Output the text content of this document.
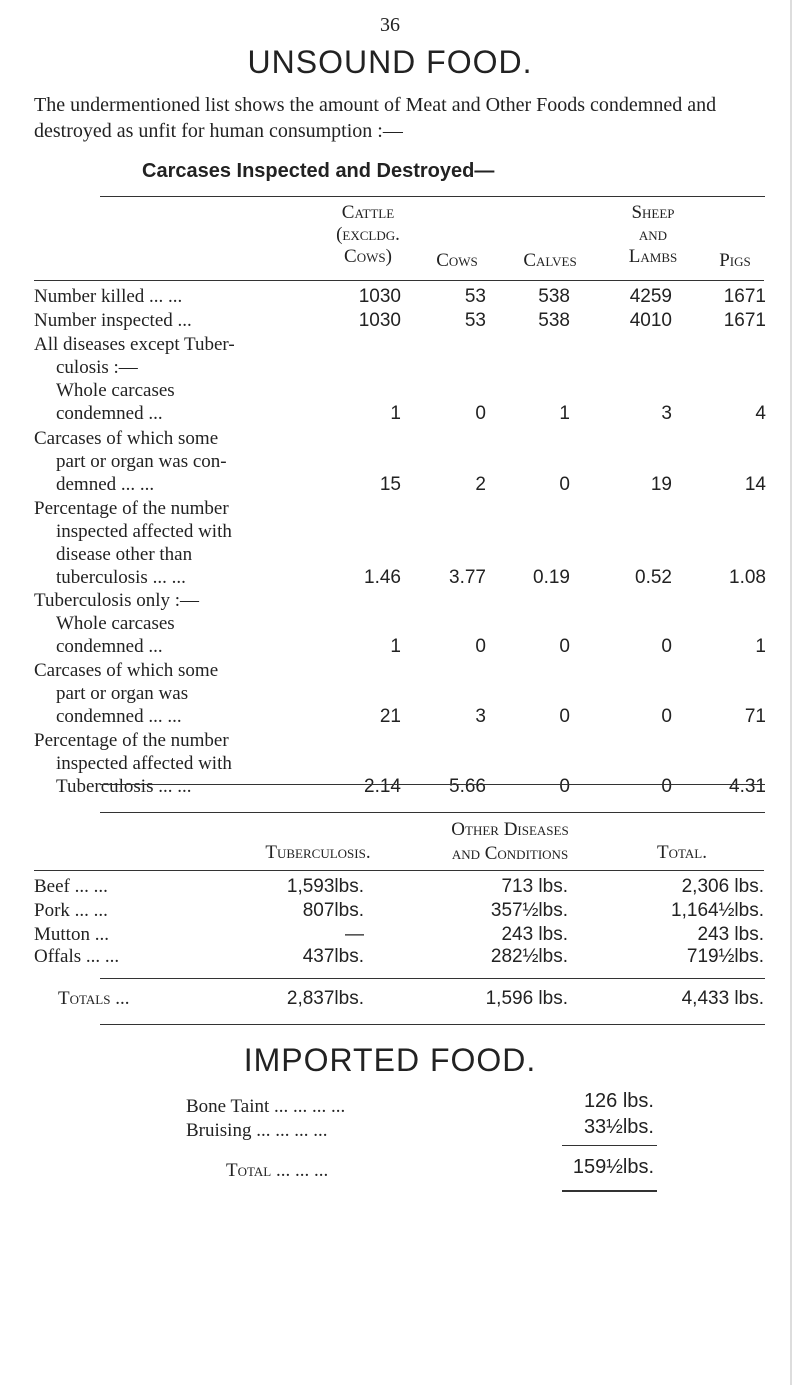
36
UNSOUND FOOD.
The undermentioned list shows the amount of Meat and Other Foods condemned and destroyed as unfit for human consumption :—
Carcases Inspected and Destroyed—
Cattle
(excldg.
Cows)	Cows	Calves
Sheep
and
Lambs	Pigs
Number killed ... ...	1030	53	538	4259	1671
Number inspected ...	1030	53	538	4010	1671
All diseases except Tuber-
culosis :—
Whole carcases
condemned ...	1	0	1	3	4
Carcases of which some
part or organ was con-
demned ... ...	15	2	0	19	14
Percentage of the number
inspected affected with
disease other than
tuberculosis ... ...	1.46	3.77	0.19	0.52	1.08
Tuberculosis only :—
Whole carcases
condemned ...	1	0	0	0	1
Carcases of which some
part or organ was
condemned ... ...	21	3	0	0	71
Percentage of the number
inspected affected with
Tuberculosis ... ...	2.14	5.66	0	0	4.31
Tuberculosis.
Other Diseases
and Conditions	Total.
Beef ... ...	1,593lbs.	713 lbs.	2,306 lbs.
Pork ... ...	807lbs.	357½lbs.	1,164½lbs.
Mutton ...	—	243 lbs.	243 lbs.
Offals ... ...	437lbs.	282½lbs.	719½lbs.
Totals ...	2,837lbs.	1,596 lbs.	4,433 lbs.
IMPORTED FOOD.
Bone Taint ... ... ... ...	126 lbs.
Bruising ... ... ... ...	33½lbs.
Total ... ... ...	159½lbs.
